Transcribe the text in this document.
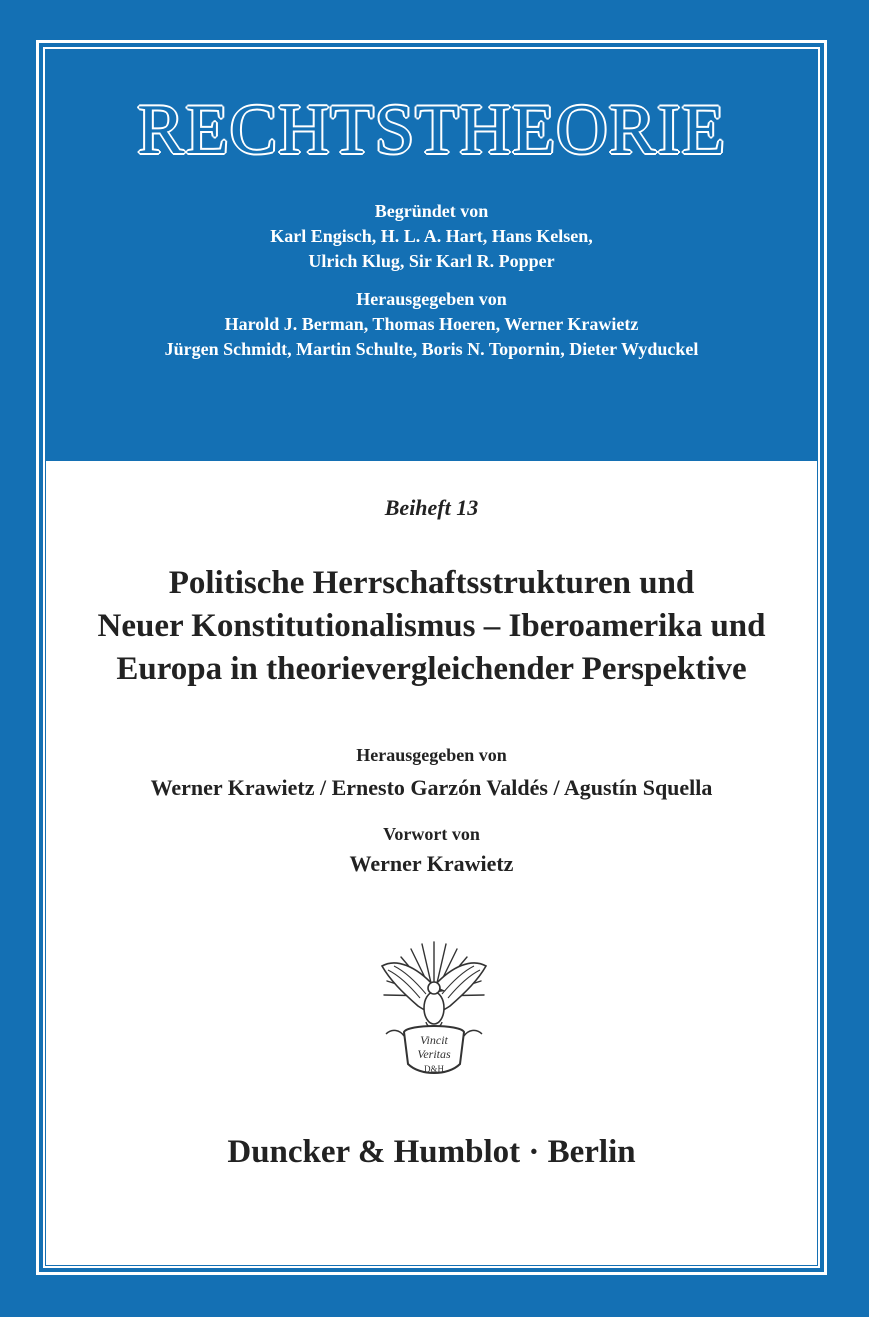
RECHTSTHEORIE
Begründet von
Karl Engisch, H. L. A. Hart, Hans Kelsen,
Ulrich Klug, Sir Karl R. Popper
Herausgegeben von
Harold J. Berman, Thomas Hoeren, Werner Krawietz
Jürgen Schmidt, Martin Schulte, Boris N. Topornin, Dieter Wyduckel
Beiheft 13
Politische Herrschaftsstrukturen und
Neuer Konstitutionalismus – Iberoamerika und
Europa in theorievergleichender Perspektive
Herausgegeben von
Werner Krawietz / Ernesto Garzón Valdés / Agustín Squella
Vorwort von
Werner Krawietz
Vincit
Veritas
D&H
Duncker & Humblot · Berlin
